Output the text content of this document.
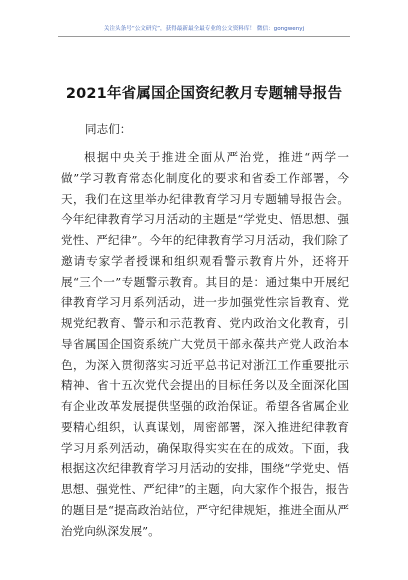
关注头条号“公文研究”，获得最新最全最专业的公文资料库！ 微信：gongwenyj
2021年省属国企国资纪教月专题辅导报告

同志们：

根据中央关于推进全面从严治党，推进“两学一做”学习教育常态化制度化的要求和省委工作部署，今天，我们在这里举办纪律教育学习月专题辅导报告会。今年纪律教育学习月活动的主题是“学党史、悟思想、强党性、严纪律”。今年的纪律教育学习月活动，我们除了邀请专家学者授课和组织观看警示教育片外，还将开展“三个一”专题警示教育。其目的是：通过集中开展纪律教育学习月系列活动，进一步加强党性宗旨教育、党规党纪教育、警示和示范教育、党内政治文化教育，引导省属国企国资系统广大党员干部永葆共产党人政治本色，为深入贯彻落实习近平总书记对浙江工作重要批示精神、省十五次党代会提出的目标任务以及全面深化国有企业改革发展提供坚强的政治保证。希望各省属企业要精心组织，认真谋划，周密部署，深入推进纪律教育学习月系列活动，确保取得实实在在的成效。下面，我根据这次纪律教育学习月活动的安排，围绕“学党史、悟思想、强党性、严纪律”的主题，向大家作个报告，报告的题目是“提高政治站位，严守纪律规矩，推进全面从严治党向纵深发展”。
